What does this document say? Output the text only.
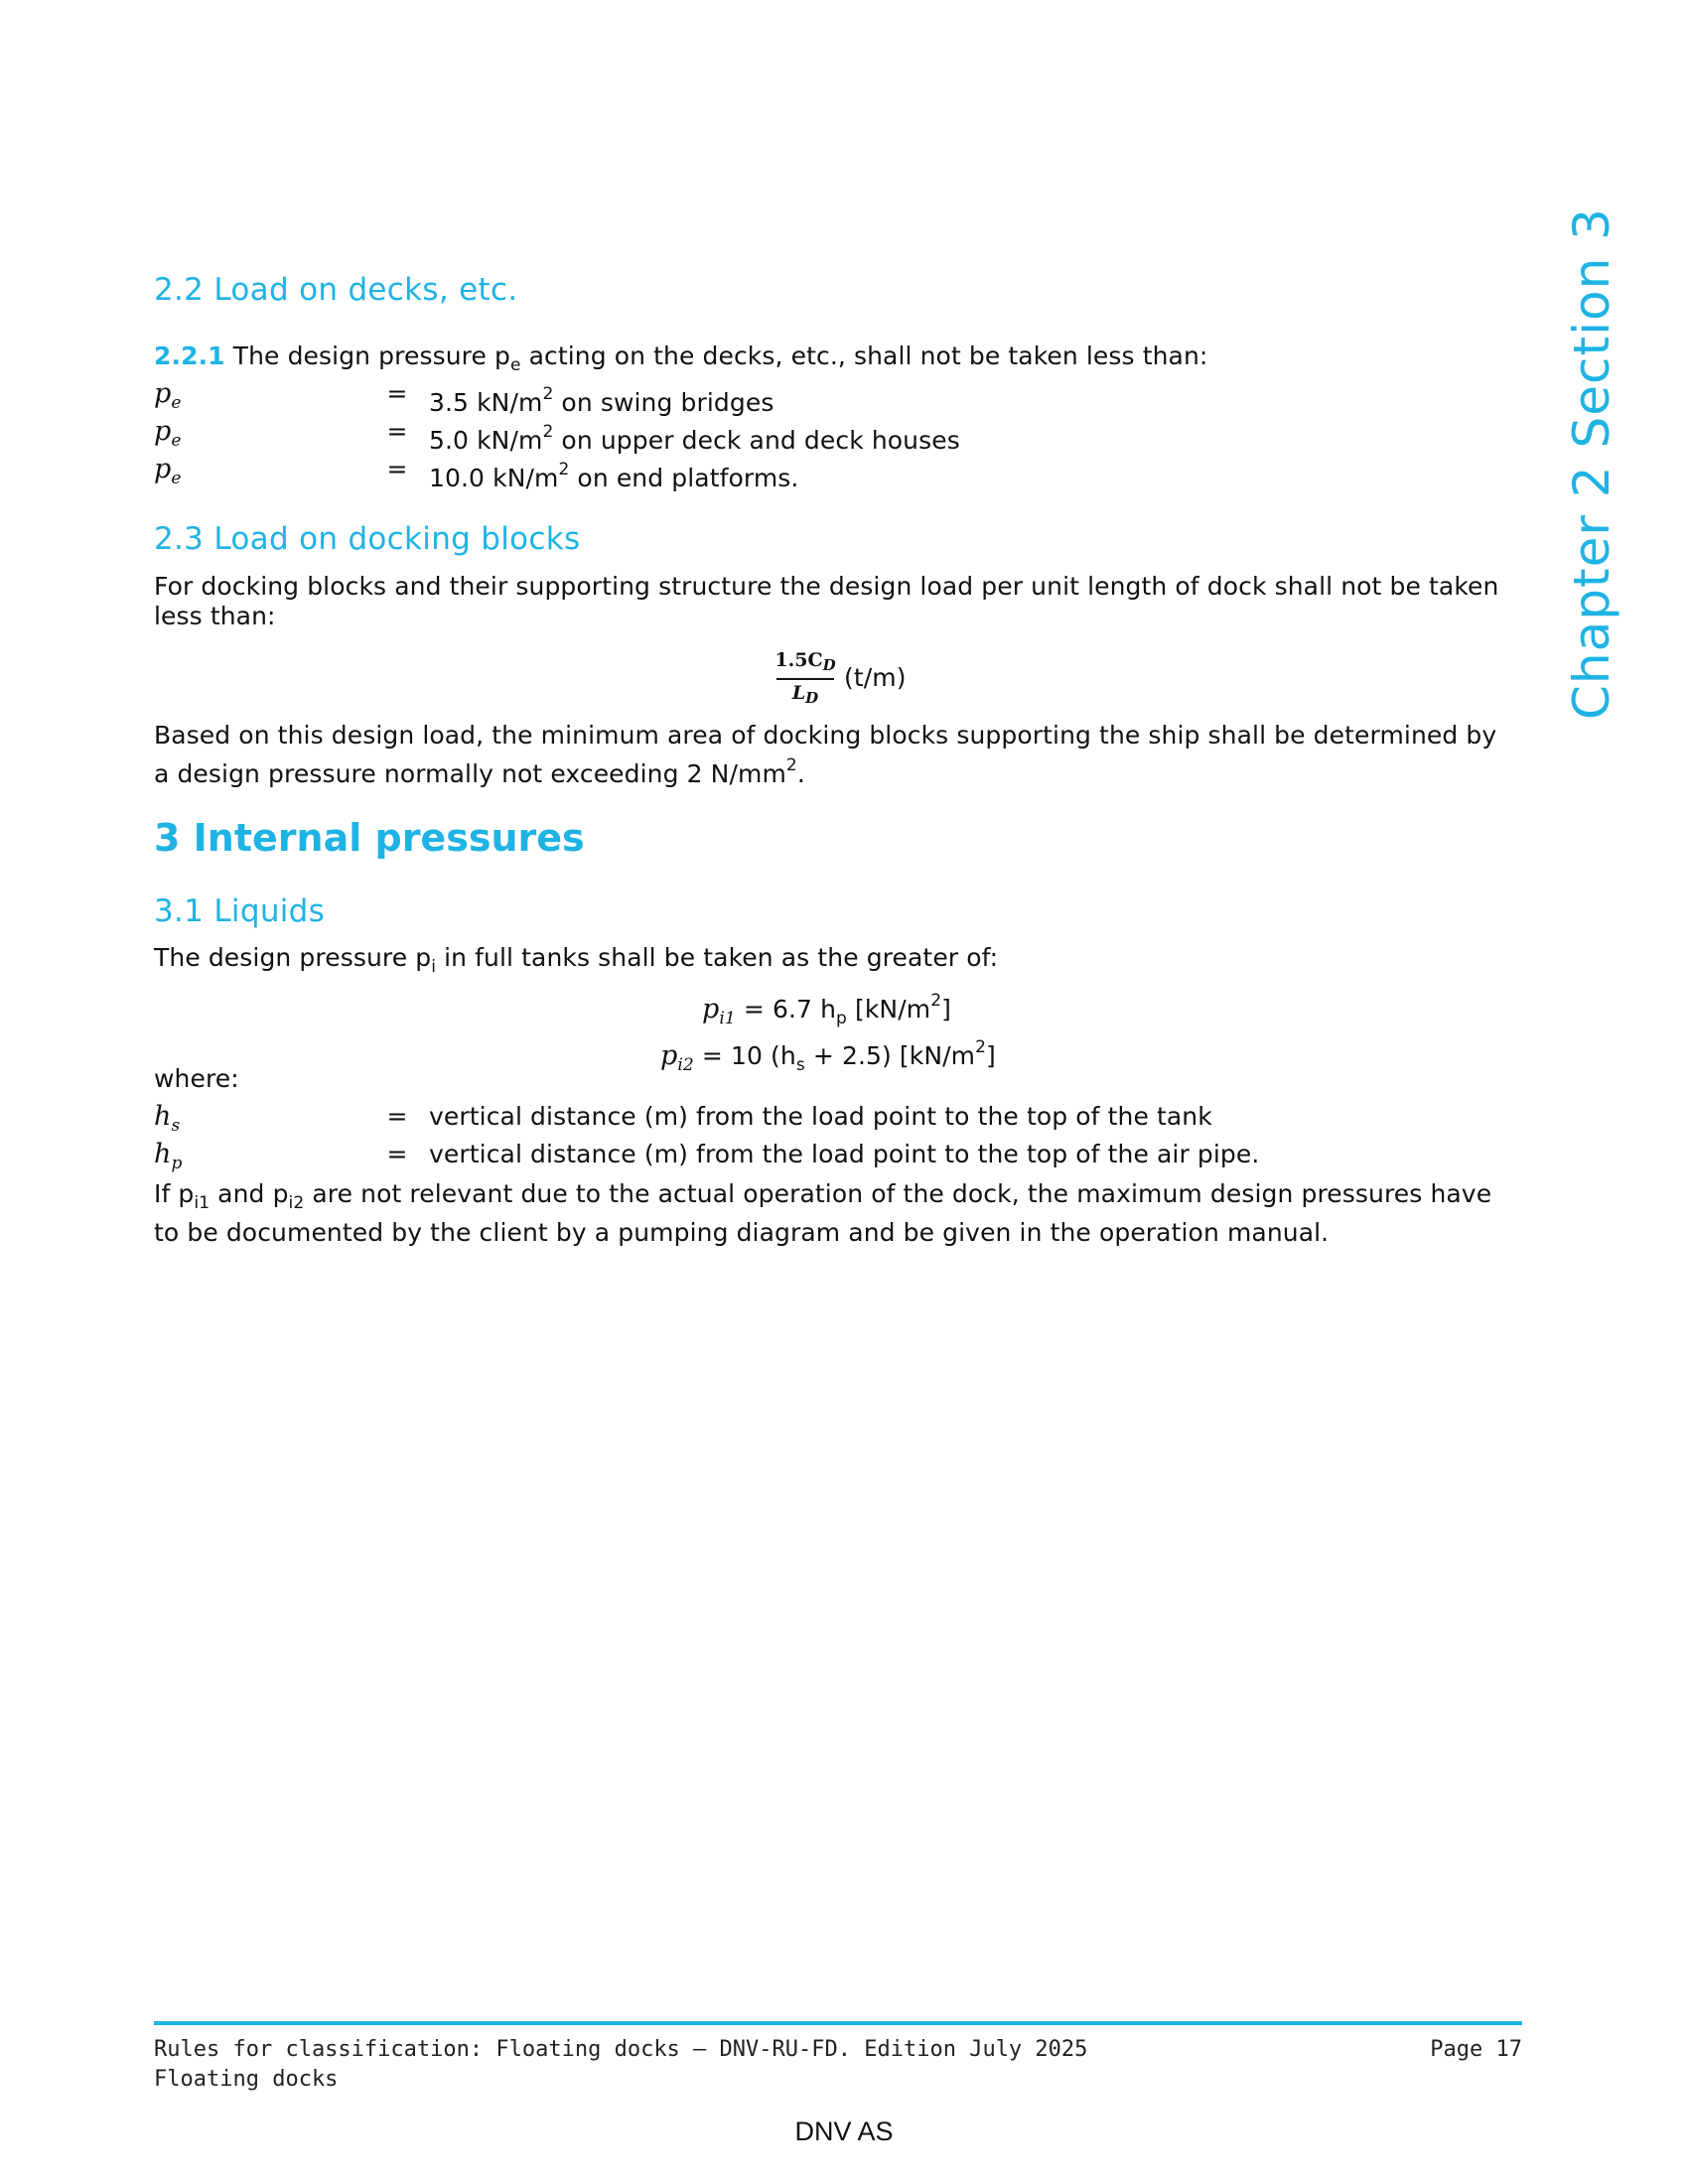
Chapter 2 Section 3
2.2 Load on decks, etc.
2.2.1 The design pressure $p_e$ acting on the decks, etc., shall not be taken less than:
$p_e$	= 3.5 $kN/m^2$ on swing bridges
$p_e$	= 5.0 $kN/m^2$ on upper deck and deck houses
$p_e$	= 10.0 $kN/m^2$ on end platforms.
2.3 Load on docking blocks
For docking blocks and their supporting structure the design load per unit length of dock shall not be taken less than:
$1.5C_D$
$L_D$
(t/m)
Based on this design load, the minimum area of docking blocks supporting the ship shall be determined by a design pressure normally not exceeding 2 $N/mm^2$.
3 Internal pressures
3.1 Liquids
The design pressure $p_i$ in full tanks shall be taken as the greater of:
$p_{i1} = 6.7$ $h_p$ $[kN/m^2]$
$p_{i2} = 10$ $(h_s + 2.5)$ $[kN/m^2]$
where:
$h_s$	= vertical distance (m) from the load point to the top of the tank
$h_p$	= vertical distance (m) from the load point to the top of the air pipe.
If $p_{i1}$ and $p_{i2}$ are not relevant due to the actual operation of the dock, the maximum design pressures have to be documented by the client by a pumping diagram and be given in the operation manual.
Rules for classification: Floating docks — DNV-RU-FD. Edition July 2025
Floating docks
Page 17
DNV AS
